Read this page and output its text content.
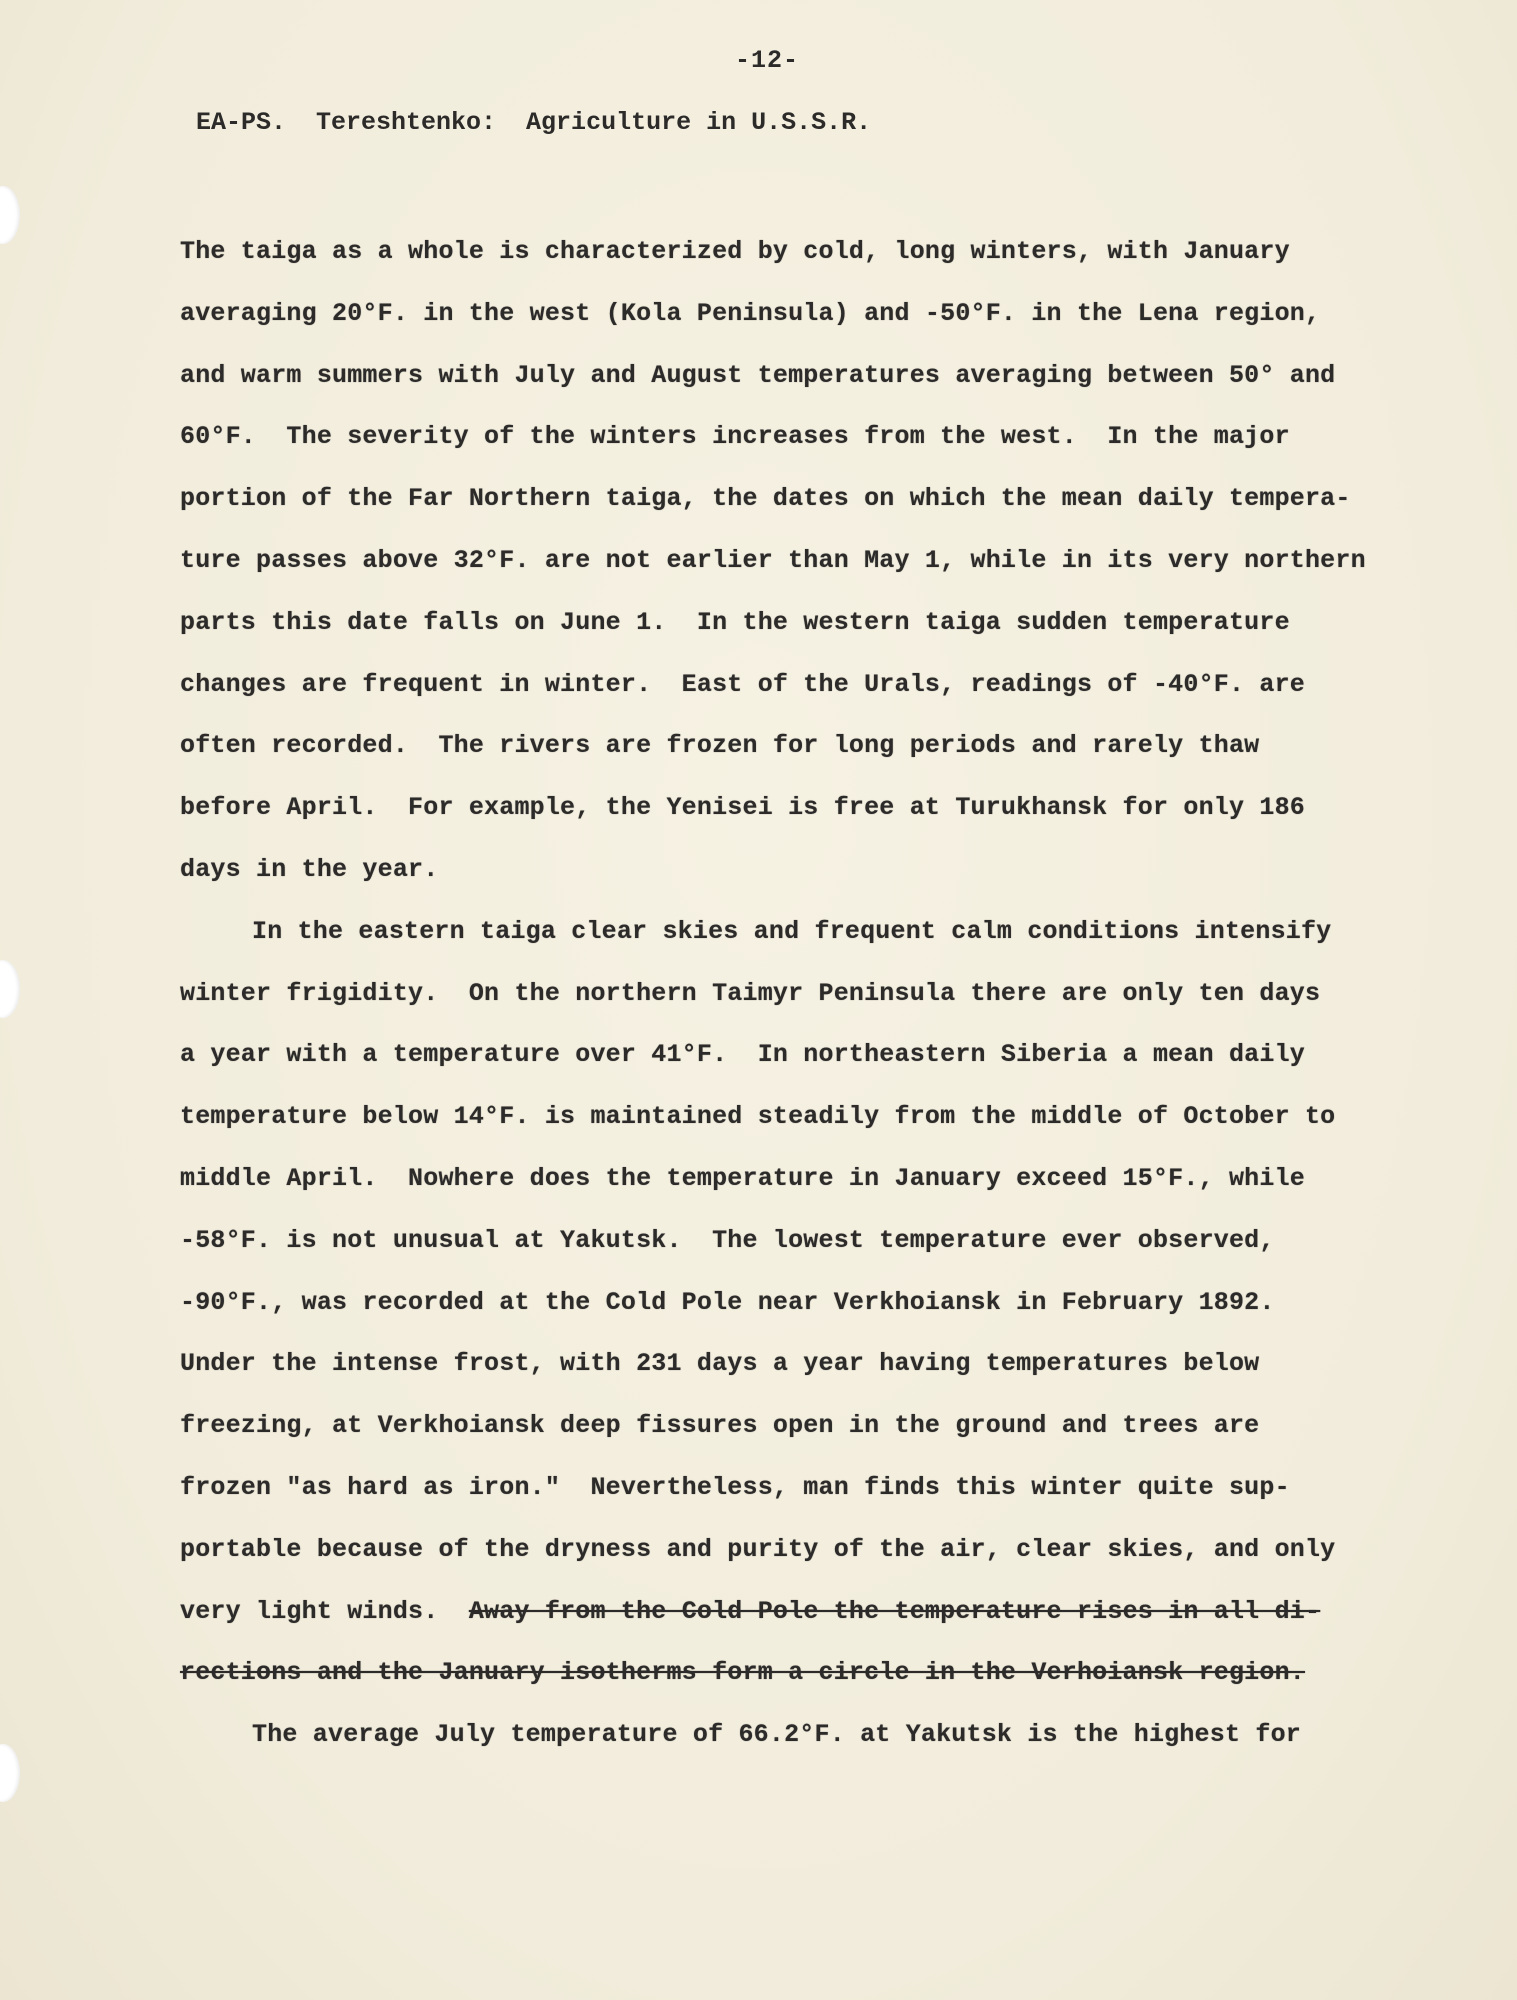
-12-
EA-PS.  Tereshtenko:  Agriculture in U.S.S.R.
The taiga as a whole is characterized by cold, long winters, with January
averaging 20°F. in the west (Kola Peninsula) and -50°F. in the Lena region,
and warm summers with July and August temperatures averaging between 50° and
60°F.  The severity of the winters increases from the west.  In the major
portion of the Far Northern taiga, the dates on which the mean daily tempera-
ture passes above 32°F. are not earlier than May 1, while in its very northern
parts this date falls on June 1.  In the western taiga sudden temperature
changes are frequent in winter.  East of the Urals, readings of -40°F. are
often recorded.  The rivers are frozen for long periods and rarely thaw
before April.  For example, the Yenisei is free at Turukhansk for only 186
days in the year.
In the eastern taiga clear skies and frequent calm conditions intensify
winter frigidity.  On the northern Taimyr Peninsula there are only ten days
a year with a temperature over 41°F.  In northeastern Siberia a mean daily
temperature below 14°F. is maintained steadily from the middle of October to
middle April.  Nowhere does the temperature in January exceed 15°F., while
-58°F. is not unusual at Yakutsk.  The lowest temperature ever observed,
-90°F., was recorded at the Cold Pole near Verkhoiansk in February 1892.
Under the intense frost, with 231 days a year having temperatures below
freezing, at Verkhoiansk deep fissures open in the ground and trees are
frozen "as hard as iron."  Nevertheless, man finds this winter quite sup-
portable because of the dryness and purity of the air, clear skies, and only
very light winds.  Away from the Cold Pole the temperature rises in all di-
rections and the January isotherms form a circle in the Verhoiansk region.
The average July temperature of 66.2°F. at Yakutsk is the highest for
